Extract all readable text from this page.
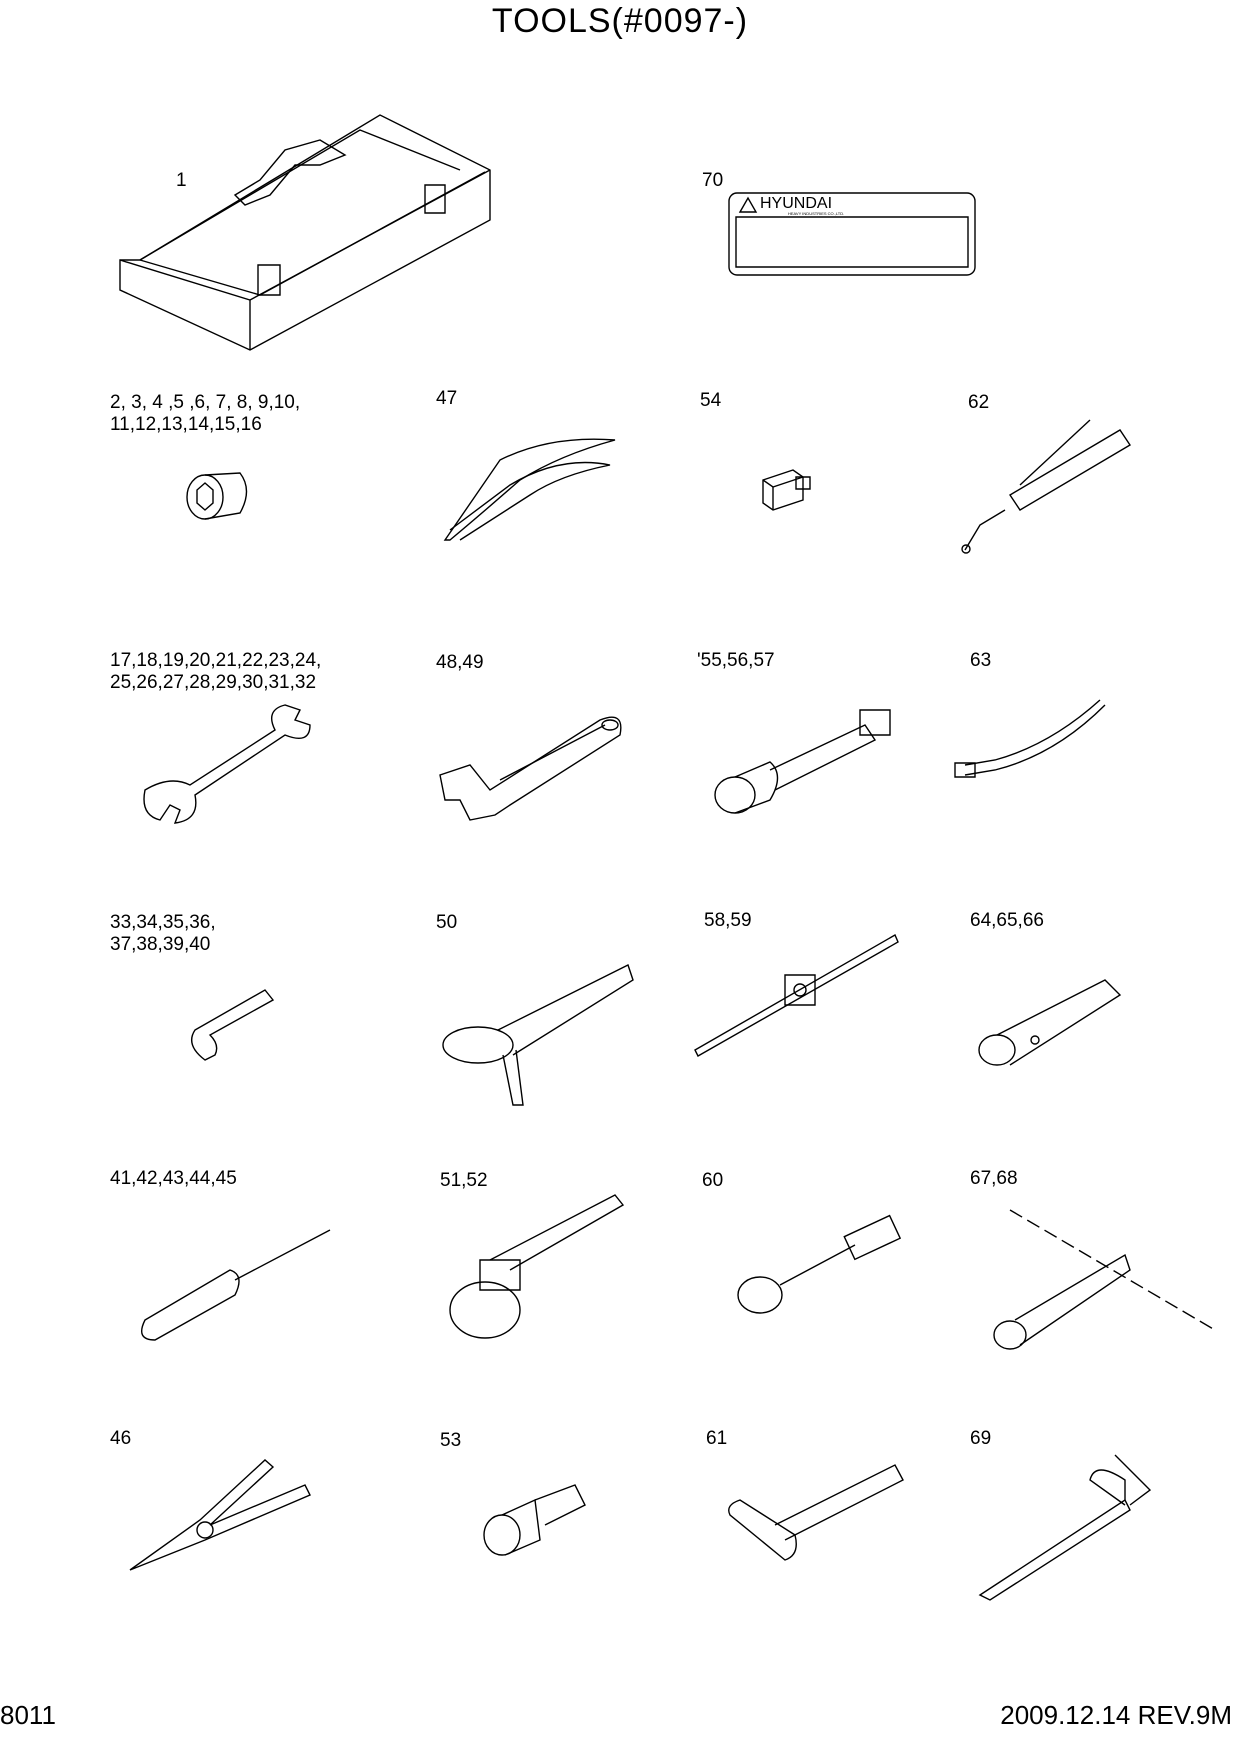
TOOLS(#0097-)
1	70
HYUNDAI
HEAVY INDUSTRIES CO.,LTD.
2, 3, 4 ,5 ,6, 7, 8, 9,10,
11,12,13,14,15,16
47	54	62
17,18,19,20,21,22,23,24,
25,26,27,28,29,30,31,32
48,49	'55,56,57	63
33,34,35,36,
37,38,39,40
50	58,59	64,65,66
41,42,43,44,45	51,52	60	67,68
46	53	61	69
8011	2009.12.14 REV.9M
